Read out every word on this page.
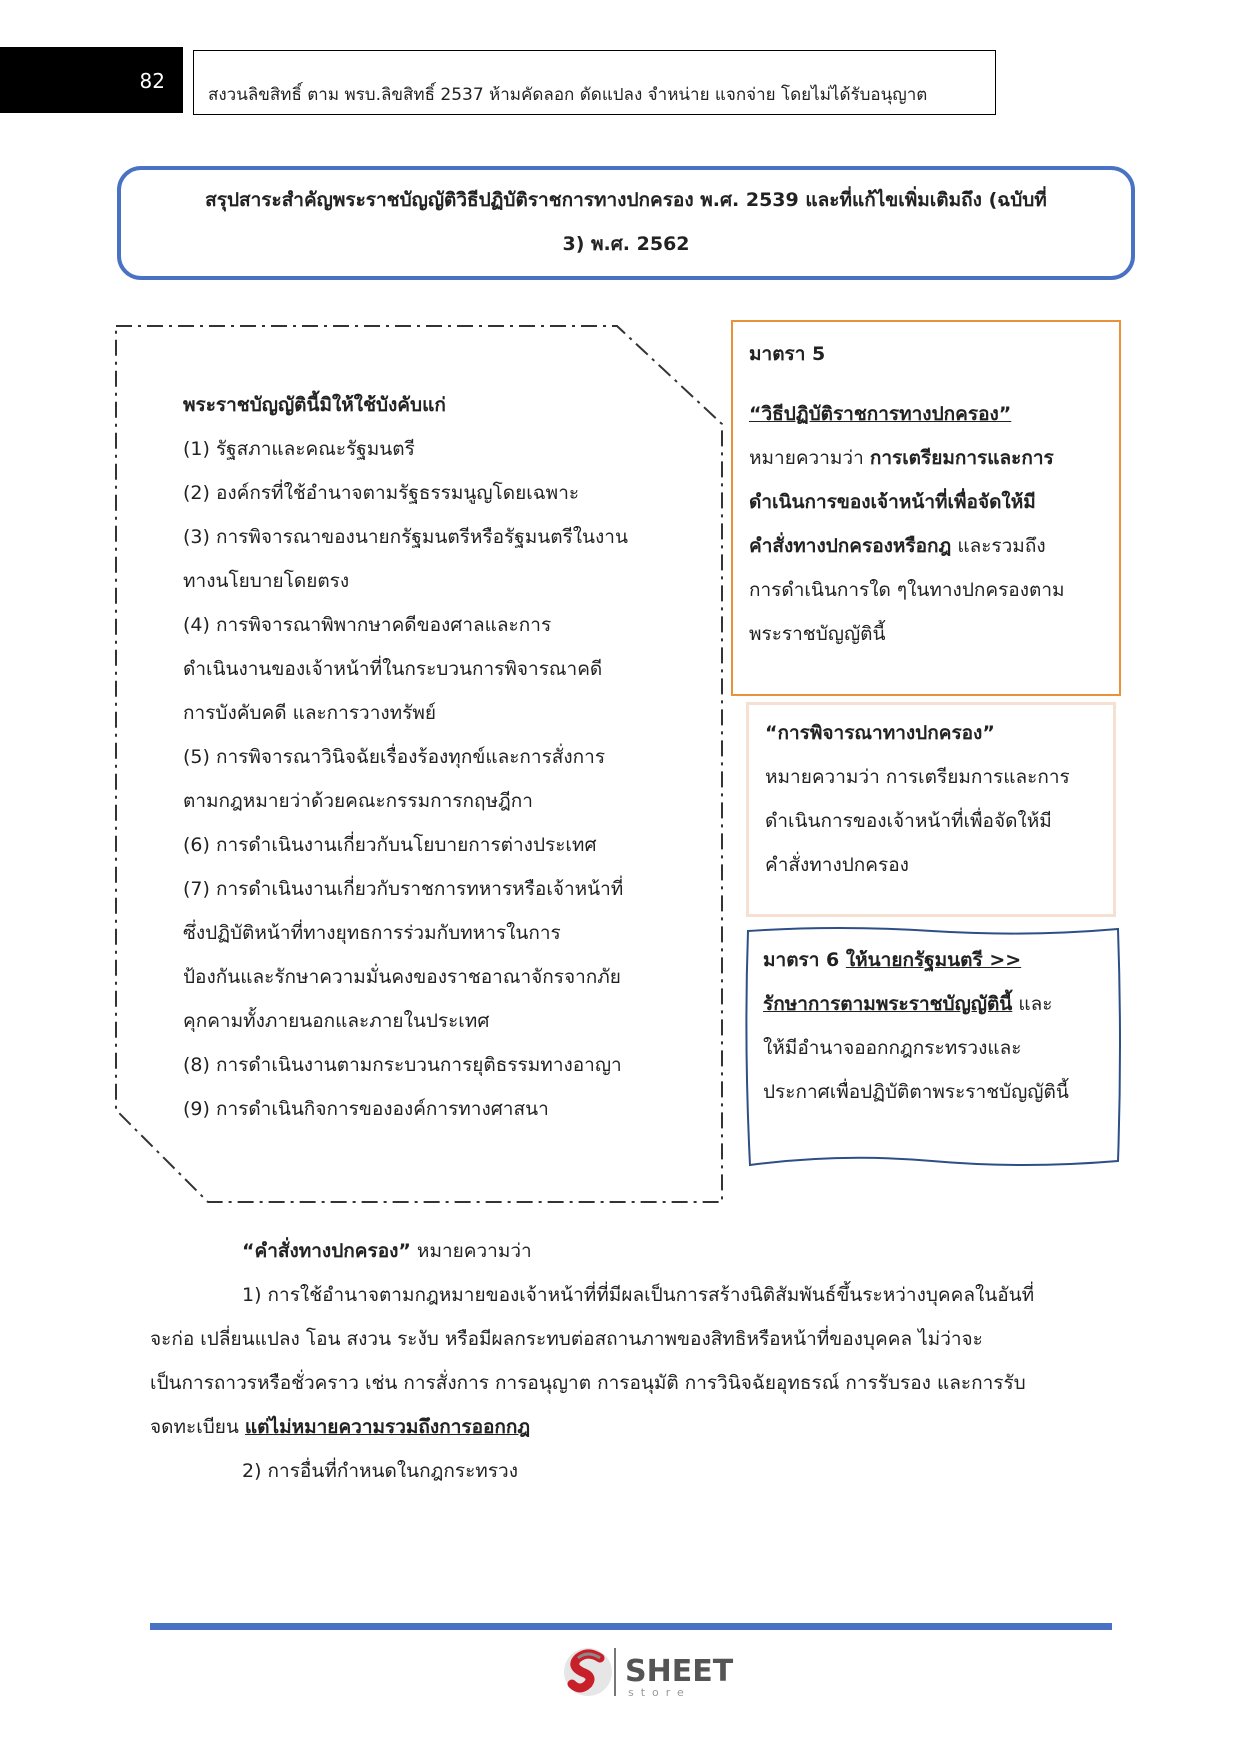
82
สงวนลิขสิทธิ์ ตาม พรบ.ลิขสิทธิ์ 2537 ห้ามคัดลอก ดัดแปลง จำหน่าย แจกจ่าย โดยไม่ได้รับอนุญาต
สรุปสาระสำคัญพระราชบัญญัติวิธีปฏิบัติราชการทางปกครอง พ.ศ. 2539 และที่แก้ไขเพิ่มเติมถึง (ฉบับที่
3) พ.ศ. 2562
พระราชบัญญัตินี้มิให้ใช้บังคับแก่
(1) รัฐสภาและคณะรัฐมนตรี
(2) องค์กรที่ใช้อำนาจตามรัฐธรรมนูญโดยเฉพาะ
(3) การพิจารณาของนายกรัฐมนตรีหรือรัฐมนตรีในงาน
ทางนโยบายโดยตรง
(4) การพิจารณาพิพากษาคดีของศาลและการ
ดำเนินงานของเจ้าหน้าที่ในกระบวนการพิจารณาคดี
การบังคับคดี และการวางทรัพย์
(5) การพิจารณาวินิจฉัยเรื่องร้องทุกข์และการสั่งการ
ตามกฎหมายว่าด้วยคณะกรรมการกฤษฎีกา
(6) การดำเนินงานเกี่ยวกับนโยบายการต่างประเทศ
(7) การดำเนินงานเกี่ยวกับราชการทหารหรือเจ้าหน้าที่
ซึ่งปฏิบัติหน้าที่ทางยุทธการร่วมกับทหารในการ
ป้องกันและรักษาความมั่นคงของราชอาณาจักรจากภัย
คุกคามทั้งภายนอกและภายในประเทศ
(8) การดำเนินงานตามกระบวนการยุติธรรมทางอาญา
(9) การดำเนินกิจการขององค์การทางศาสนา
มาตรา 5
“วิธีปฏิบัติราชการทางปกครอง”
หมายความว่า การเตรียมการและการ
ดำเนินการของเจ้าหน้าที่เพื่อจัดให้มี
คำสั่งทางปกครองหรือกฎ และรวมถึง
การดำเนินการใด ๆในทางปกครองตาม
พระราชบัญญัตินี้
“การพิจารณาทางปกครอง”
หมายความว่า การเตรียมการและการ
ดำเนินการของเจ้าหน้าที่เพื่อจัดให้มี
คำสั่งทางปกครอง
มาตรา 6 ให้นายกรัฐมนตรี >>
รักษาการตามพระราชบัญญัตินี้ และ
ให้มีอำนาจออกกฎกระทรวงและ
ประกาศเพื่อปฏิบัติตาพระราชบัญญัตินี้
“คำสั่งทางปกครอง” หมายความว่า
1) การใช้อำนาจตามกฎหมายของเจ้าหน้าที่ที่มีผลเป็นการสร้างนิติสัมพันธ์ขึ้นระหว่างบุคคลในอันที่
จะก่อ เปลี่ยนแปลง โอน สงวน ระงับ หรือมีผลกระทบต่อสถานภาพของสิทธิหรือหน้าที่ของบุคคล ไม่ว่าจะ
เป็นการถาวรหรือชั่วคราว เช่น การสั่งการ การอนุญาต การอนุมัติ การวินิจฉัยอุทธรณ์ การรับรอง และการรับ
จดทะเบียน แต่ไม่หมายความรวมถึงการออกกฎ
2) การอื่นที่กำหนดในกฎกระทรวง
SHEET
store
